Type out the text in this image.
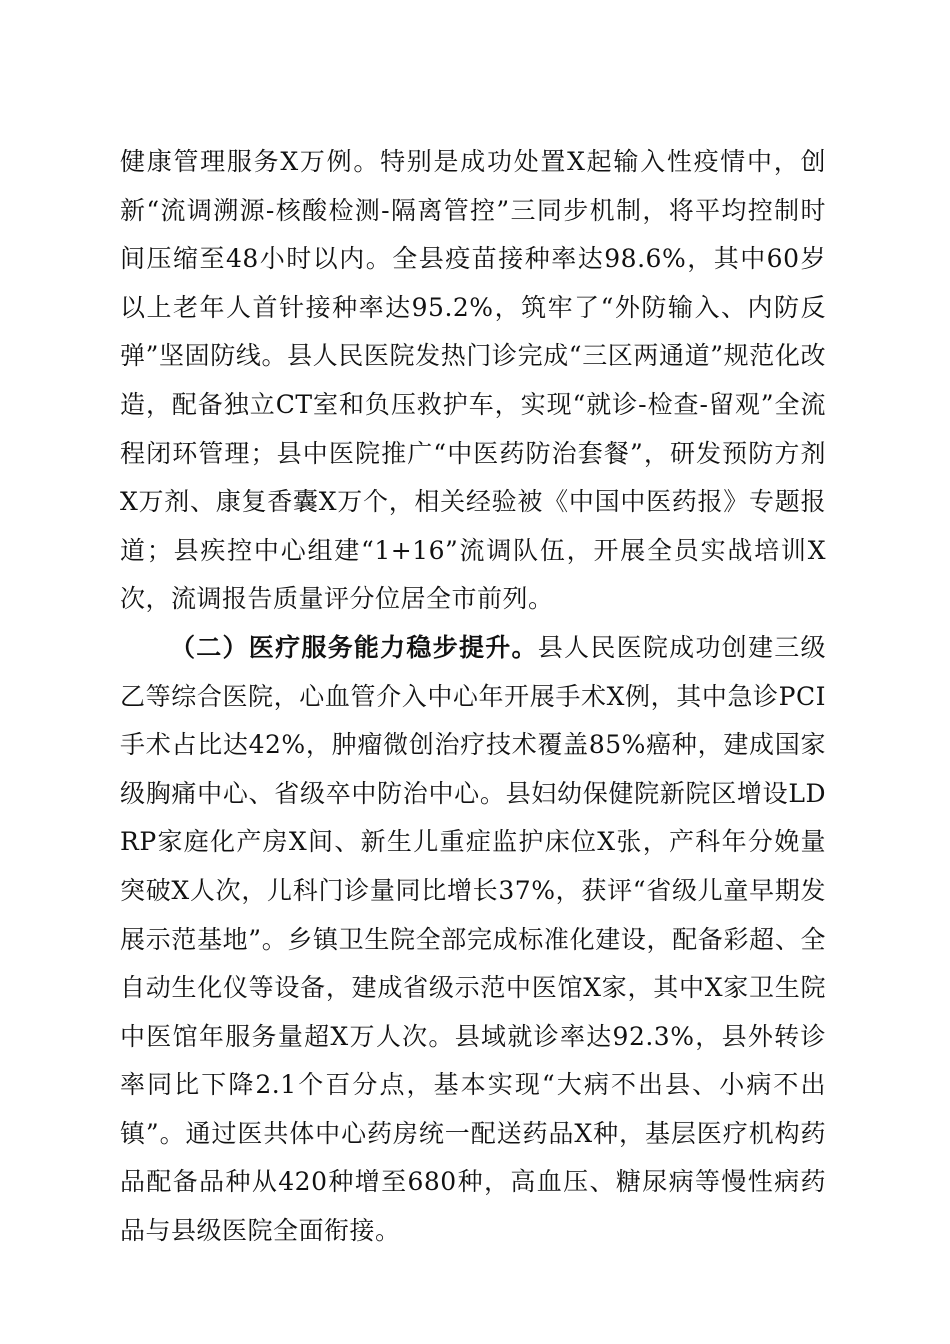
健康管理服务X万例。特别是成功处置X起输入性疫情中，创新“流调溯源-核酸检测-隔离管控”三同步机制，将平均控制时间压缩至48小时以内。全县疫苗接种率达98.6%，其中60岁以上老年人首针接种率达95.2%，筑牢了“外防输入、内防反弹”坚固防线。县人民医院发热门诊完成“三区两通道”规范化改造，配备独立CT室和负压救护车，实现“就诊-检查-留观”全流程闭环管理；县中医院推广“中医药防治套餐”，研发预防方剂X万剂、康复香囊X万个，相关经验被《中国中医药报》专题报道；县疾控中心组建“1+16”流调队伍，开展全员实战培训X次，流调报告质量评分位居全市前列。

（二）医疗服务能力稳步提升。县人民医院成功创建三级乙等综合医院，心血管介入中心年开展手术X例，其中急诊PCI手术占比达42%，肿瘤微创治疗技术覆盖85%癌种，建成国家级胸痛中心、省级卒中防治中心。县妇幼保健院新院区增设LDRP家庭化产房X间、新生儿重症监护床位X张，产科年分娩量突破X人次，儿科门诊量同比增长37%，获评“省级儿童早期发展示范基地”。乡镇卫生院全部完成标准化建设，配备彩超、全自动生化仪等设备，建成省级示范中医馆X家，其中X家卫生院中医馆年服务量超X万人次。县域就诊率达92.3%，县外转诊率同比下降2.1个百分点，基本实现“大病不出县、小病不出镇”。通过医共体中心药房统一配送药品X种，基层医疗机构药品配备品种从420种增至680种，高血压、糖尿病等慢性病药品与县级医院全面衔接。
